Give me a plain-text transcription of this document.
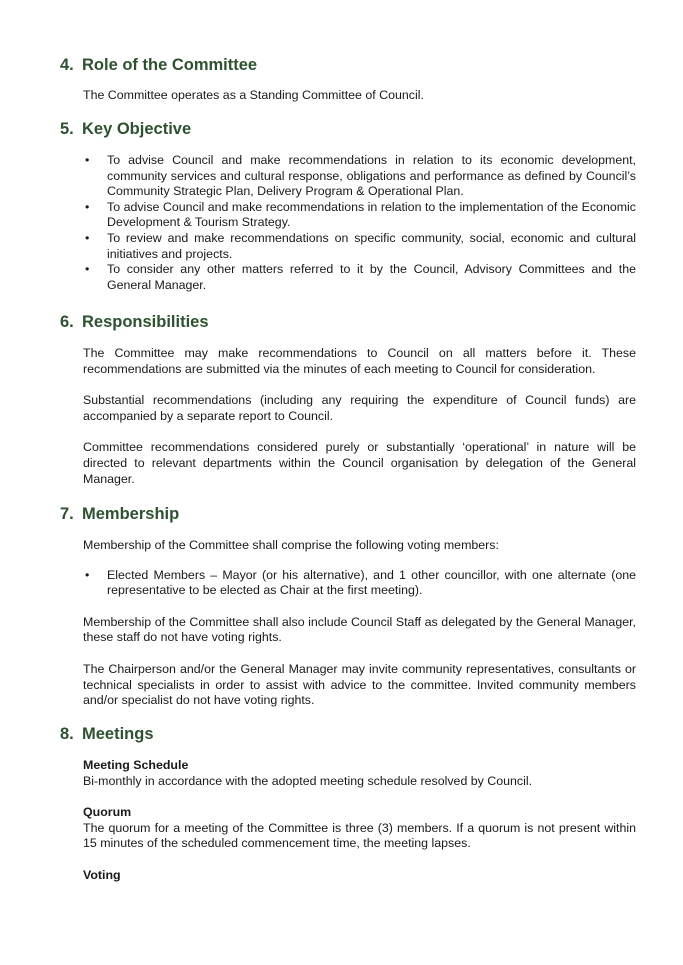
4. Role of the Committee

The Committee operates as a Standing Committee of Council.

5. Key Objective
• To advise Council and make recommendations in relation to its economic development, community services and cultural response, obligations and performance as defined by Council’s Community Strategic Plan, Delivery Program & Operational Plan.
• To advise Council and make recommendations in relation to the implementation of the Economic Development & Tourism Strategy.
• To review and make recommendations on specific community, social, economic and cultural initiatives and projects.
• To consider any other matters referred to it by the Council, Advisory Committees and the General Manager.
6. Responsibilities

The Committee may make recommendations to Council on all matters before it. These recommendations are submitted via the minutes of each meeting to Council for consideration.

Substantial recommendations (including any requiring the expenditure of Council funds) are accompanied by a separate report to Council.

Committee recommendations considered purely or substantially ‘operational’ in nature will be directed to relevant departments within the Council organisation by delegation of the General Manager.

7. Membership

Membership of the Committee shall comprise the following voting members:

• Elected Members – Mayor (or his alternative), and 1 other councillor, with one alternate (one representative to be elected as Chair at the first meeting).

Membership of the Committee shall also include Council Staff as delegated by the General Manager, these staff do not have voting rights.

The Chairperson and/or the General Manager may invite community representatives, consultants or technical specialists in order to assist with advice to the committee. Invited community members and/or specialist do not have voting rights.

8. Meetings

Meeting Schedule

Bi-monthly in accordance with the adopted meeting schedule resolved by Council.

Quorum

The quorum for a meeting of the Committee is three (3) members. If a quorum is not present within 15 minutes of the scheduled commencement time, the meeting lapses.

Voting
